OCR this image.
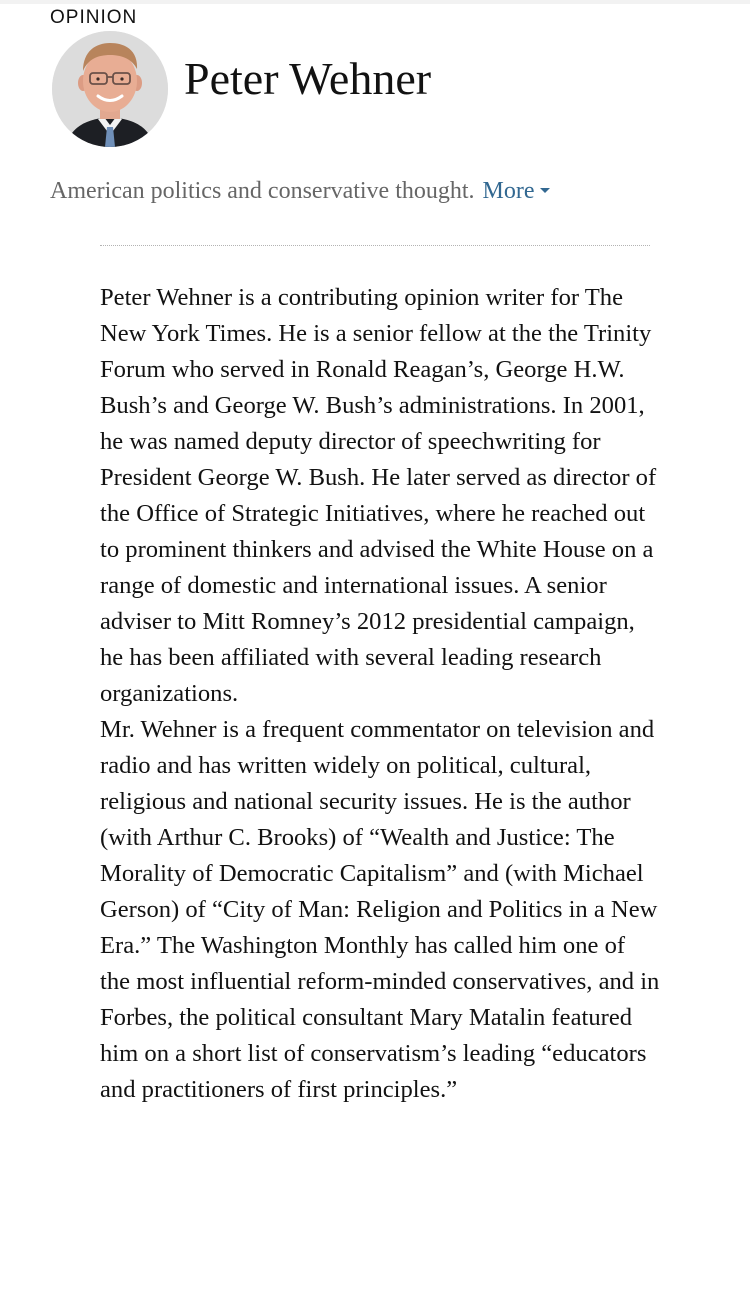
OPINION
Peter Wehner
American politics and conservative thought. More

Peter Wehner is a contributing opinion writer for The New York Times. He is a senior fellow at the the Trinity Forum who served in Ronald Reagan’s, George H.W. Bush’s and George W. Bush’s administrations. In 2001, he was named deputy director of speechwriting for President George W. Bush. He later served as director of the Office of Strategic Initiatives, where he reached out to prominent thinkers and advised the White House on a range of domestic and international issues. A senior adviser to Mitt Romney’s 2012 presidential campaign, he has been affiliated with several leading research organizations.

Mr. Wehner is a frequent commentator on television and radio and has written widely on political, cultural, religious and national security issues. He is the author (with Arthur C. Brooks) of “Wealth and Justice: The Morality of Democratic Capitalism” and (with Michael Gerson) of “City of Man: Religion and Politics in a New Era.” The Washington Monthly has called him one of the most influential reform-minded conservatives, and in Forbes, the political consultant Mary Matalin featured him on a short list of conservatism’s leading “educators and practitioners of first principles.”
